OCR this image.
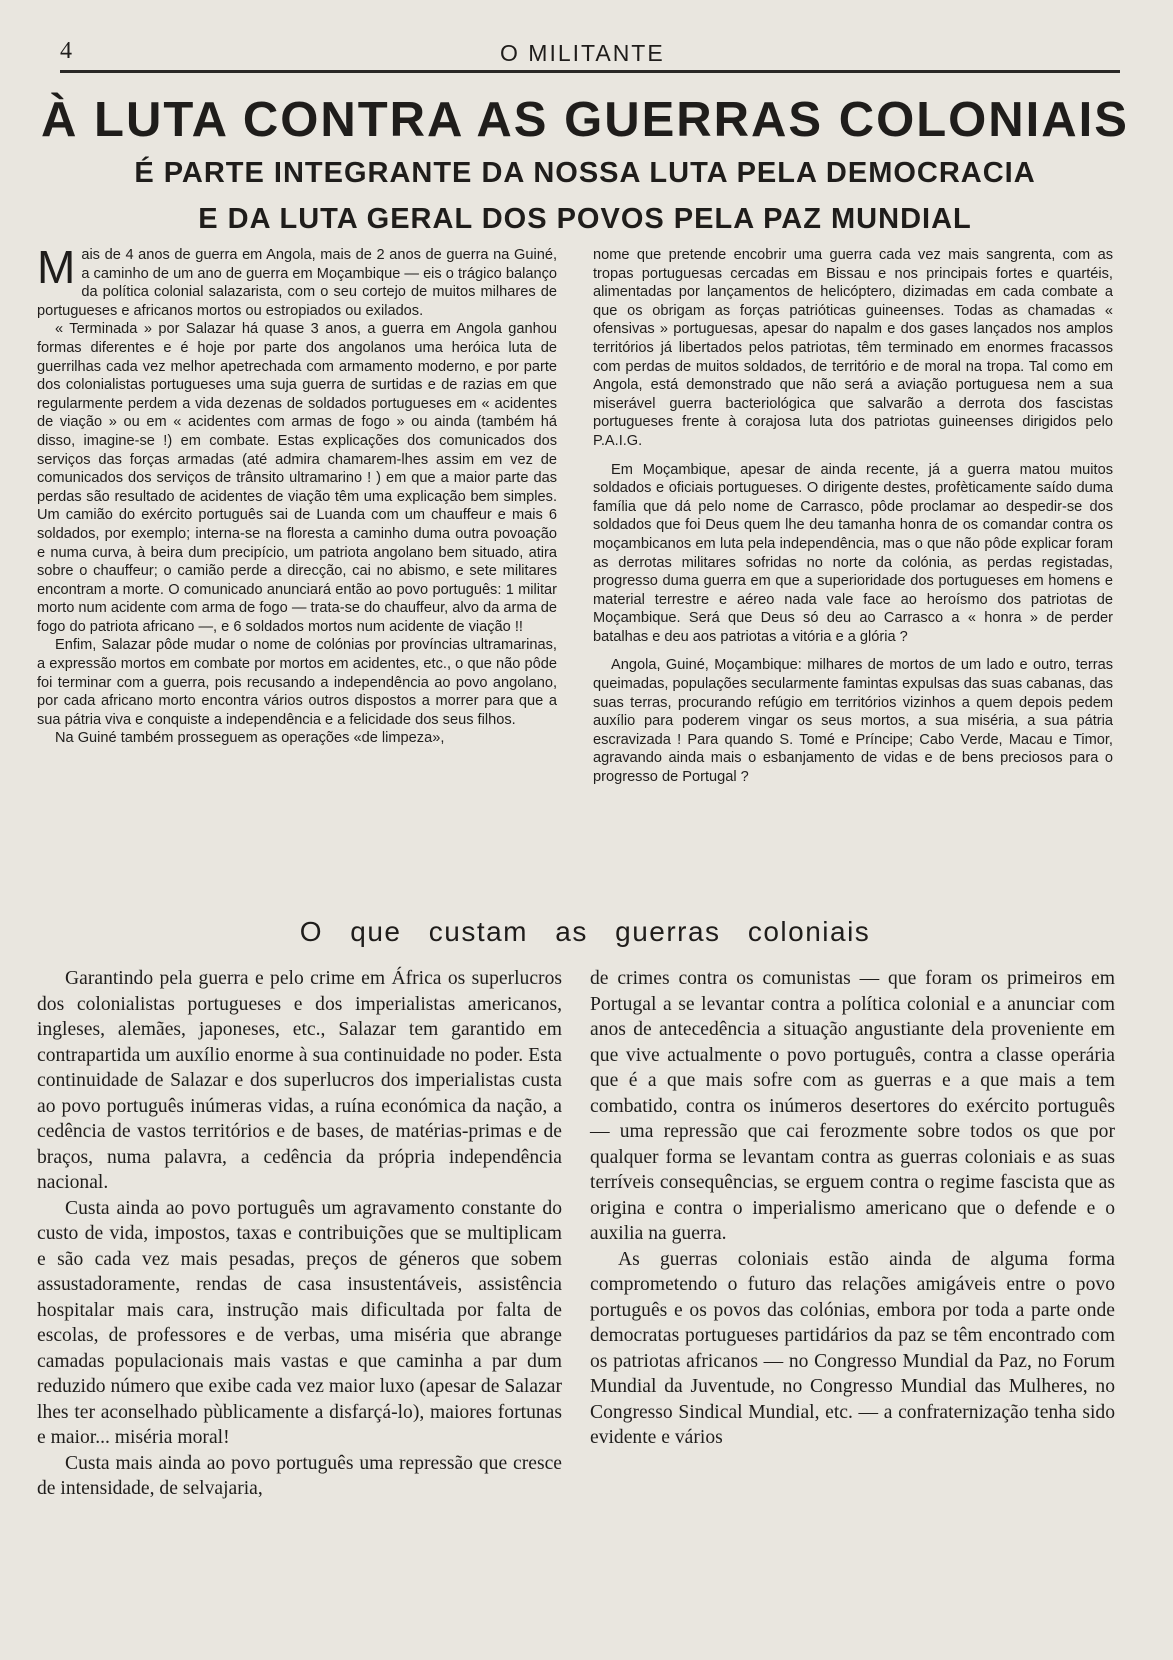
4	O MILITANTE
À LUTA CONTRA AS GUERRAS COLONIAIS
É PARTE INTEGRANTE DA NOSSA LUTA PELA DEMOCRACIA
E DA LUTA GERAL DOS POVOS PELA PAZ MUNDIAL

Mais de 4 anos de guerra em Angola, mais de 2 anos de guerra na Guiné, a caminho de um ano de guerra em Moçambique — eis o trágico balanço da política colonial salazarista, com o seu cortejo de muitos milhares de portugueses e africanos mortos ou estropiados ou exilados.

« Terminada » por Salazar há quase 3 anos, a guerra em Angola ganhou formas diferentes e é hoje por parte dos angolanos uma heróica luta de guerrilhas cada vez melhor apetrechada com armamento moderno, e por parte dos colonialistas portugueses uma suja guerra de surtidas e de razias em que regularmente perdem a vida dezenas de soldados portugueses em « acidentes de viação » ou em « acidentes com armas de fogo » ou ainda (também há disso, imagine-se !) em combate. Estas explicações dos comunicados dos serviços das forças armadas (até admira chamarem-lhes assim em vez de comunicados dos serviços de trânsito ultramarino ! ) em que a maior parte das perdas são resultado de acidentes de viação têm uma explicação bem simples. Um camião do exército português sai de Luanda com um chauffeur e mais 6 soldados, por exemplo; interna-se na floresta a caminho duma outra povoação e numa curva, à beira dum precipício, um patriota angolano bem situado, atira sobre o chauffeur; o camião perde a direcção, cai no abismo, e sete militares encontram a morte. O comunicado anunciará então ao povo português: 1 militar morto num acidente com arma de fogo — trata-se do chauffeur, alvo da arma de fogo do patriota africano —, e 6 soldados mortos num acidente de viação !!

Enfim, Salazar pôde mudar o nome de colónias por províncias ultramarinas, a expressão mortos em combate por mortos em acidentes, etc., o que não pôde foi terminar com a guerra, pois recusando a independência ao povo angolano, por cada africano morto encontra vários outros dispostos a morrer para que a sua pátria viva e conquiste a independência e a felicidade dos seus filhos.

Na Guiné também prosseguem as operações «de limpeza»,

nome que pretende encobrir uma guerra cada vez mais sangrenta, com as tropas portuguesas cercadas em Bissau e nos principais fortes e quartéis, alimentadas por lançamentos de helicóptero, dizimadas em cada combate a que os obrigam as forças patrióticas guineenses. Todas as chamadas « ofensivas » portuguesas, apesar do napalm e dos gases lançados nos amplos territórios já libertados pelos patriotas, têm terminado em enormes fracassos com perdas de muitos soldados, de território e de moral na tropa. Tal como em Angola, está demonstrado que não será a aviação portuguesa nem a sua miserável guerra bacteriológica que salvarão a derrota dos fascistas portugueses frente à corajosa luta dos patriotas guineenses dirigidos pelo P.A.I.G.

Em Moçambique, apesar de ainda recente, já a guerra matou muitos soldados e oficiais portugueses. O dirigente destes, profèticamente saído duma família que dá pelo nome de Carrasco, pôde proclamar ao despedir-se dos soldados que foi Deus quem lhe deu tamanha honra de os comandar contra os moçambicanos em luta pela independência, mas o que não pôde explicar foram as derrotas militares sofridas no norte da colónia, as perdas registadas, progresso duma guerra em que a superioridade dos portugueses em homens e material terrestre e aéreo nada vale face ao heroísmo dos patriotas de Moçambique. Será que Deus só deu ao Carrasco a « honra » de perder batalhas e deu aos patriotas a vitória e a glória ?

Angola, Guiné, Moçambique: milhares de mortos de um lado e outro, terras queimadas, populações secularmente famintas expulsas das suas cabanas, das suas terras, procurando refúgio em territórios vizinhos a quem depois pedem auxílio para poderem vingar os seus mortos, a sua miséria, a sua pátria escravizada ! Para quando S. Tomé e Príncipe; Cabo Verde, Macau e Timor, agravando ainda mais o esbanjamento de vidas e de bens preciosos para o progresso de Portugal ?

O que custam as guerras coloniais

Garantindo pela guerra e pelo crime em África os superlucros dos colonialistas portugueses e dos imperialistas americanos, ingleses, alemães, japoneses, etc., Salazar tem garantido em contrapartida um auxílio enorme à sua continuidade no poder. Esta continuidade de Salazar e dos superlucros dos imperialistas custa ao povo português inúmeras vidas, a ruína económica da nação, a cedência de vastos territórios e de bases, de matérias-primas e de braços, numa palavra, a cedência da própria independência nacional.

Custa ainda ao povo português um agravamento constante do custo de vida, impostos, taxas e contribuições que se multiplicam e são cada vez mais pesadas, preços de géneros que sobem assustadoramente, rendas de casa insustentáveis, assistência hospitalar mais cara, instrução mais dificultada por falta de escolas, de professores e de verbas, uma miséria que abrange camadas populacionais mais vastas e que caminha a par dum reduzido número que exibe cada vez maior luxo (apesar de Salazar lhes ter aconselhado pùblicamente a disfarçá-lo), maiores fortunas e maior... miséria moral!

Custa mais ainda ao povo português uma repressão que cresce de intensidade, de selvajaria,

de crimes contra os comunistas — que foram os primeiros em Portugal a se levantar contra a política colonial e a anunciar com anos de antecedência a situação angustiante dela proveniente em que vive actualmente o povo português, contra a classe operária que é a que mais sofre com as guerras e a que mais a tem combatido, contra os inúmeros desertores do exército português — uma repressão que cai ferozmente sobre todos os que por qualquer forma se levantam contra as guerras coloniais e as suas terríveis consequências, se erguem contra o regime fascista que as origina e contra o imperialismo americano que o defende e o auxilia na guerra.

As guerras coloniais estão ainda de alguma forma comprometendo o futuro das relações amigáveis entre o povo português e os povos das colónias, embora por toda a parte onde democratas portugueses partidários da paz se têm encontrado com os patriotas africanos — no Congresso Mundial da Paz, no Forum Mundial da Juventude, no Congresso Mundial das Mulheres, no Congresso Sindical Mundial, etc. — a confraternização tenha sido evidente e vários
